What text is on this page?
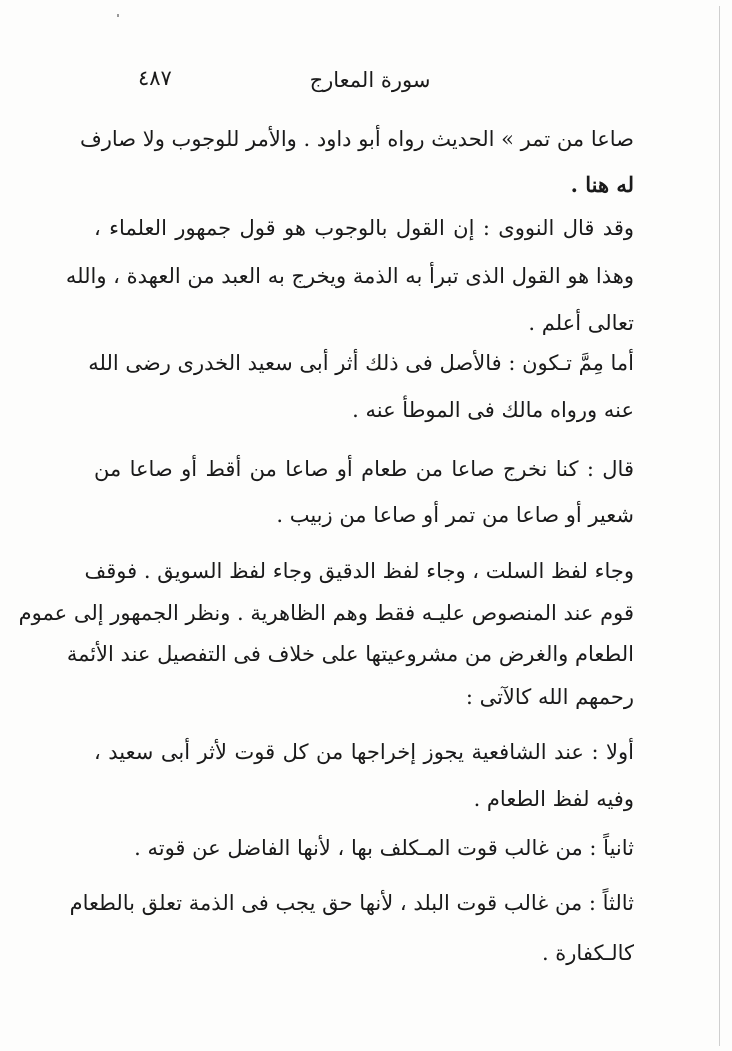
سورة المعارج
٤٨٧
صاعا من تمر » الحديث رواه أبو داود . والأمر للوجوب ولا صارف
له هنا .
وقد قال النووى : إن القول بالوجوب هو قول جمهور العلماء ،
وهذا هو القول الذى تبرأ به الذمة ويخرج به العبد من العهدة ، والله
تعالى أعلم .
أما مِمَّ تـكون : فالأصل فى ذلك أثر أبى سعيد الخدرى رضى الله
عنه ورواه مالك فى الموطأ عنه .
قال : كنا نخرج صاعا من طعام أو صاعا من أقط أو صاعا من
شعير أو صاعا من تمر أو صاعا من زبيب .
وجاء لفظ السلت ، وجاء لفظ الدقيق وجاء لفظ السويق . فوقف
قوم عند المنصوص عليـه فقط وهم الظاهرية . ونظر الجمهور إلى عموم
الطعام والغرض من مشروعيتها على خلاف فى التفصيل عند الأئمة
رحمهم الله كالآتى :
أولا : عند الشافعية يجوز إخراجها من كل قوت لأثر أبى سعيد ،
وفيه لفظ الطعام .
ثانياً : من غالب قوت المـكلف بها ، لأنها الفاضل عن قوته .
ثالثاً : من غالب قوت البلد ، لأنها حق يجب فى الذمة تعلق بالطعام
كالـكفارة .
